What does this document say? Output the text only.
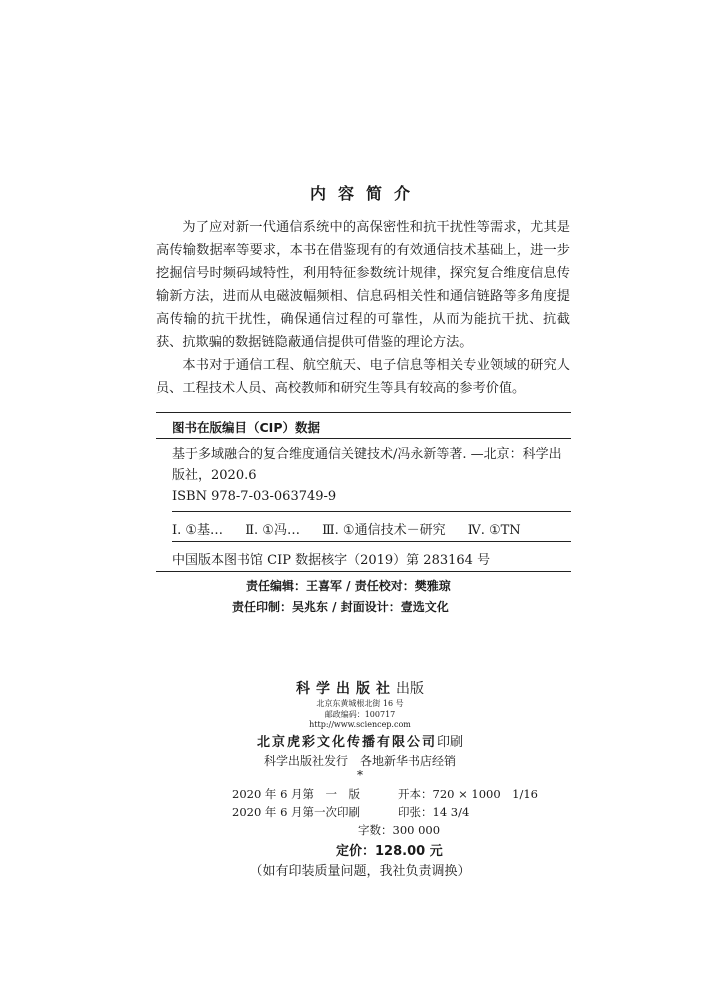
内容简介

为了应对新一代通信系统中的高保密性和抗干扰性等需求，尤其是高传输数据率等要求，本书在借鉴现有的有效通信技术基础上，进一步挖掘信号时频码域特性，利用特征参数统计规律，探究复合维度信息传输新方法，进而从电磁波幅频相、信息码相关性和通信链路等多角度提高传输的抗干扰性，确保通信过程的可靠性，从而为能抗干扰、抗截获、抗欺骗的数据链隐蔽通信提供可借鉴的理论方法。

本书对于通信工程、航空航天、电子信息等相关专业领域的研究人员、工程技术人员、高校教师和研究生等具有较高的参考价值。

图书在版编目（CIP）数据
基于多域融合的复合维度通信关键技术/冯永新等著. —北京：科学出版社，2020.6
ISBN 978-7-03-063749-9
Ⅰ. ①基… Ⅱ. ①冯… Ⅲ. ①通信技术－研究 Ⅳ. ①TN
中国版本图书馆 CIP 数据核字（2019）第 283164 号
责任编辑：王喜军 / 责任校对：樊雅琼
责任印制：吴兆东 / 封面设计：壹选文化
科学出版社出版
北京东黄城根北街 16 号
邮政编码：100717
http://www.sciencep.com
北京虎彩文化传播有限公司印刷
科学出版社发行　各地新华书店经销
*
2020 年 6 月第　一　版	开本：720 × 1000　1/16
2020 年 6 月第一次印刷	印张：14 3/4
字数：300 000
定价：128.00 元
（如有印装质量问题，我社负责调换）
